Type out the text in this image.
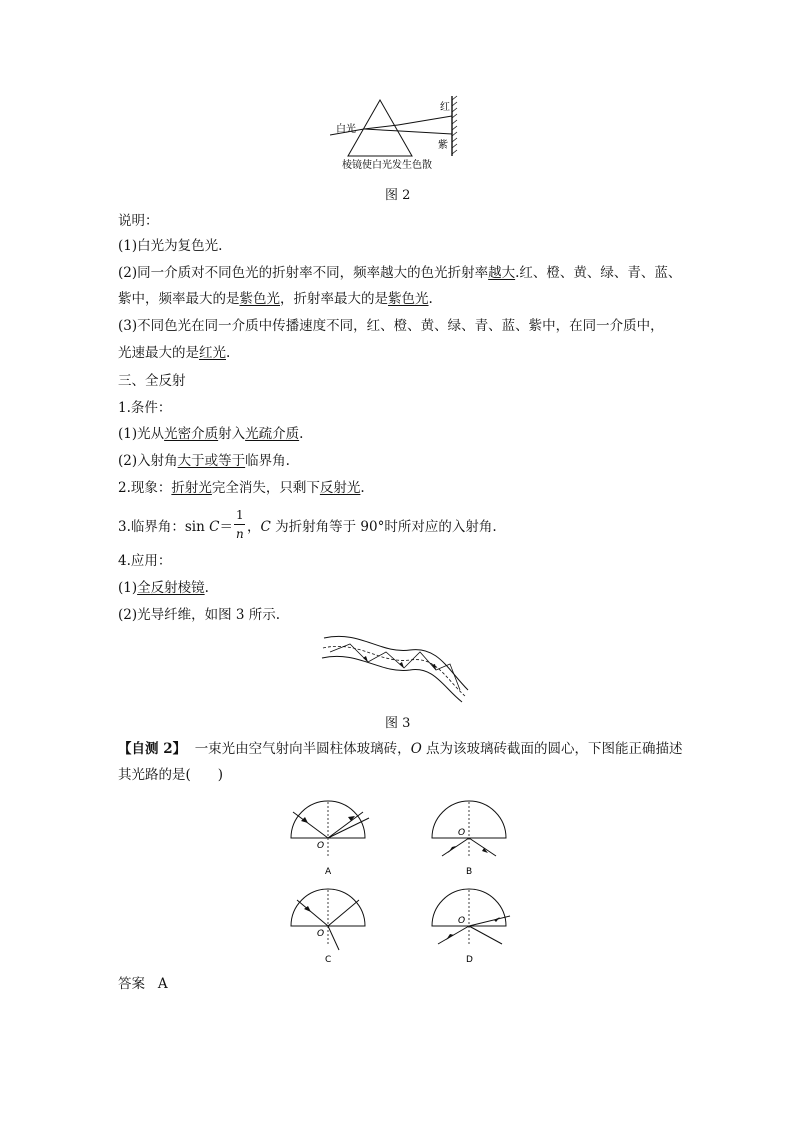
白光
红
紫
棱镜使白光发生色散
图 2
说明：
(1)白光为复色光.
(2)同一介质对不同色光的折射率不同，频率越大的色光折射率越大.红、橙、黄、绿、青、蓝、
紫中，频率最大的是紫色光，折射率最大的是紫色光.
(3)不同色光在同一介质中传播速度不同，红、橙、黄、绿、青、蓝、紫中，在同一介质中，
光速最大的是红光.
三、全反射
1.条件：
(1)光从光密介质射入光疏介质.
(2)入射角大于或等于临界角.
2.现象：折射光完全消失，只剩下反射光.
3.临界角：$\sin C= \frac{1}{n}$ ，C 为折射角等于 90°时所对应的入射角.
4.应用：
(1)全反射棱镜.
(2)光导纤维，如图 3 所示.
图 3
【自测 2】 一束光由空气射向半圆柱体玻璃砖，O 点为该玻璃砖截面的圆心，下图能正确描述
其光路的是(　　)
O
A
O
B
O
C
O
D
答案 A
